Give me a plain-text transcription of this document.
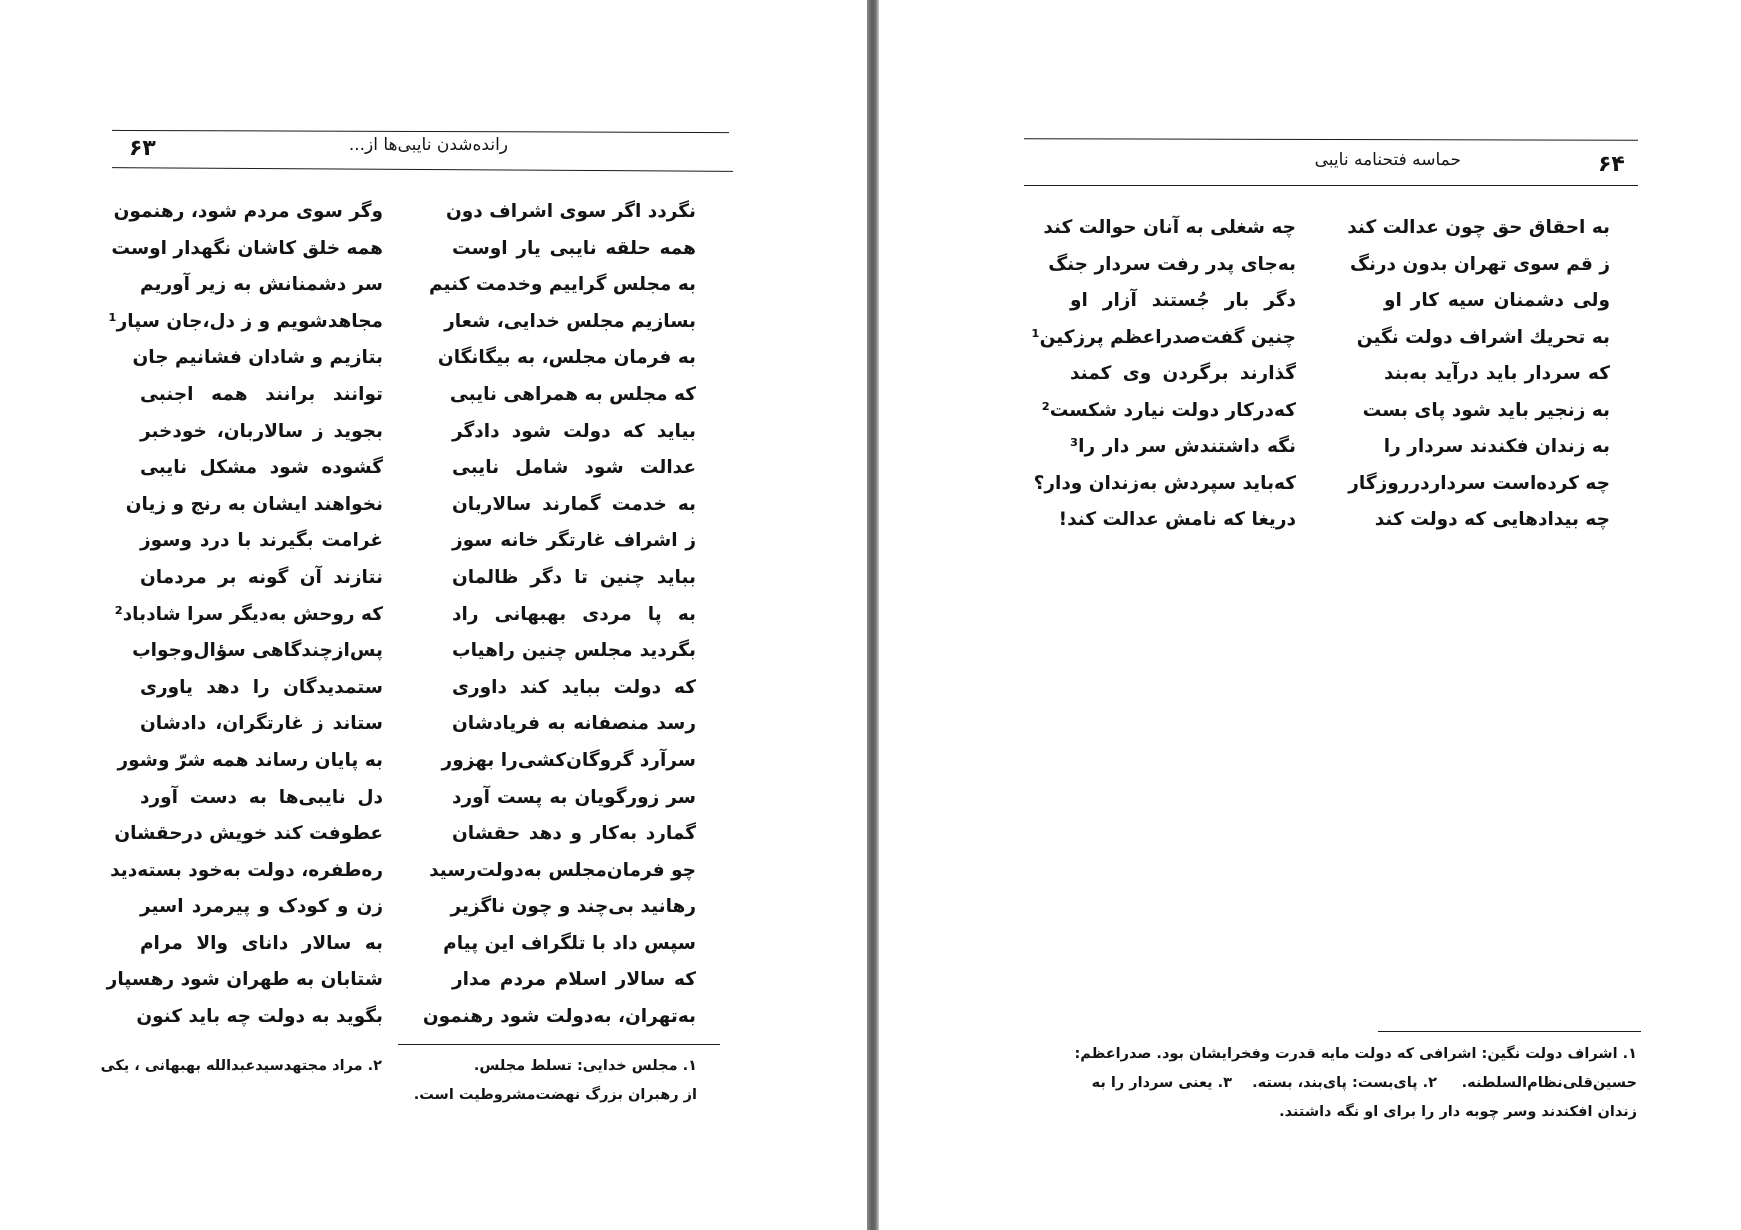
۶۳	رانده‌شدن نایبی‌ها از...
نگردد اگر سوی اشراف دون
همه حلقه نایبی یار اوست
به مجلس گراییم وخدمت کنیم
بسازیم مجلس خدایی، شعار
به فرمان مجلس، به بیگانگان
که مجلس به همراهی نایبی
بیاید که دولت شود دادگر
عدالت شود شامل نایبی
به خدمت گمارند سالاربان
ز اشراف غارتگر خانه سوز
بباید چنین تا دگر ظالمان
به پا مردی بهبهانی راد
بگردید مجلس چنین راهیاب
که دولت بباید کند داوری
رسد منصفانه به فریادشان
سرآرد گروگان‌کشی‌را بهزور
سر زورگویان به پست آورد
گمارد به‌کار و دهد حقشان
چو فرمان‌مجلس به‌دولت‌رسید
رهانید بی‌چند و چون ناگزیر
سپس داد با تلگراف این پیام
که سالار اسلام مردم مدار
به‌تهران، به‌دولت شود رهنمون
وگر سوی مردم شود، رهنمون
همه خلق کاشان نگهدار اوست
سر دشمنانش به زیر آوریم
مجاهدشویم و ز دل،جان سپار¹
بتازیم و شادان فشانیم جان
توانند برانند همه اجنبی
بجوید ز سالاربان، خودخبر
گشوده شود مشکل نایبی
نخواهند ایشان به رنج و زیان
غرامت بگیرند با درد وسوز
نتازند آن گونه بر مردمان
که روحش به‌دیگر سرا شادباد²
پس‌ازچندگاهی سؤال‌وجواب
ستمدیدگان را دهد یاوری
ستاند ز غارتگران، دادشان
به پایان رساند همه شرّ وشور
دل نایبی‌ها به دست آورد
عطوفت کند خویش درحقشان
ره‌طفره، دولت به‌خود بسته‌دید
زن و کودک و پیرمرد اسیر
به سالار دانای والا مرام
شتابان به طهران شود رهسپار
بگوید به دولت چه باید کنون
۱. مجلس خدایی: تسلط مجلس.
از رهبران بزرگ نهضت‌مشروطیت است.
۲. مراد مجتهدسیدعبدالله بهبهانی ، یکی
۶۴
حماسه فتحنامه نایبی
به احقاق حق چون عدالت کند
ز قم سوی تهران بدون درنگ
ولی دشمنان سیه کار او
به تحریك اشراف دولت نگین
که سردار باید درآید به‌بند
به زنجیر باید شود پای بست
به زندان فکندند سردار را
چه کرده‌است سردار‌درروزگار
چه بیدادهایی که دولت کند
چه شغلی به آنان حوالت کند
به‌جای پدر رفت سردار جنگ
دگر بار جُستند آزار او
چنین گفت‌صدراعظم پرزکین¹
گذارند برگردن وی کمند
که‌درکار دولت نیارد شکست²
نگه داشتندش سر دار را³
که‌باید سپردش به‌زندان ودار؟
دریغا که نامش عدالت کند!
۱. اشراف دولت نگین: اشرافی که دولت مایه قدرت وفخرایشان بود. صدراعظم:
حسین‌قلی‌نظام‌السلطنه.
۲. پای‌بست: پای‌بند، بسته.
۳. یعنی سردار را به
زندان افکندند وسر چوبه دار را برای او نگه داشتند.
